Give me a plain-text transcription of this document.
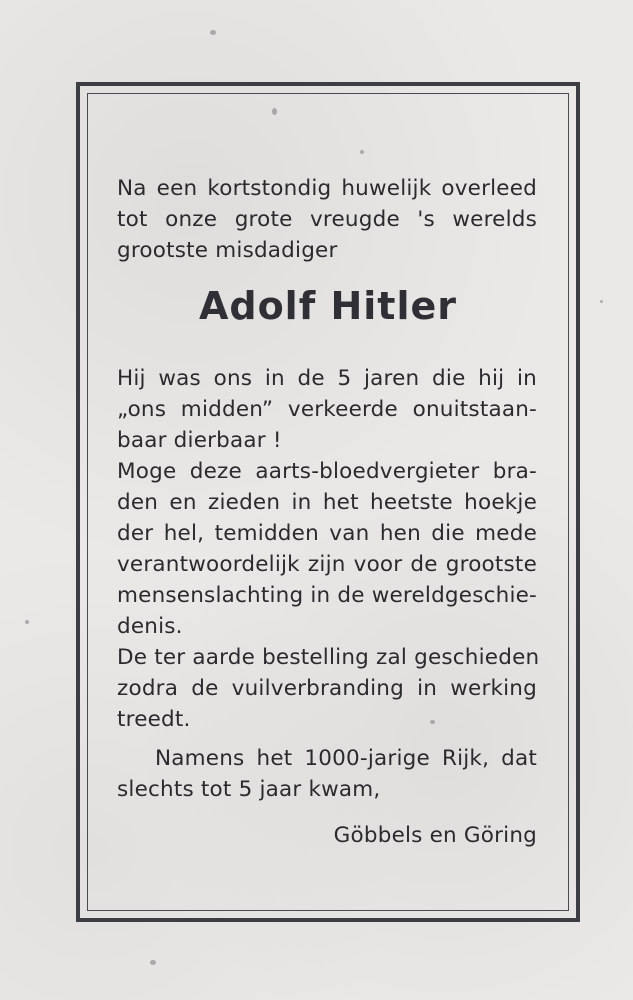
Na een kortstondig huwelijk overleed
tot onze grote vreugde 's werelds
grootste misdadiger
Adolf Hitler
Hij was ons in de 5 jaren die hij in
„ons midden” verkeerde onuitstaan-
baar dierbaar !
Moge deze aarts-bloedvergieter bra-
den en zieden in het heetste hoekje
der hel, temidden van hen die mede
verantwoordelijk zijn voor de grootste
mensenslachting in de wereldgeschie-
denis.
De ter aarde bestelling zal geschieden
zodra de vuilverbranding in werking
treedt.
Namens het 1000-jarige Rijk, dat
slechts tot 5 jaar kwam,
Göbbels en Göring
